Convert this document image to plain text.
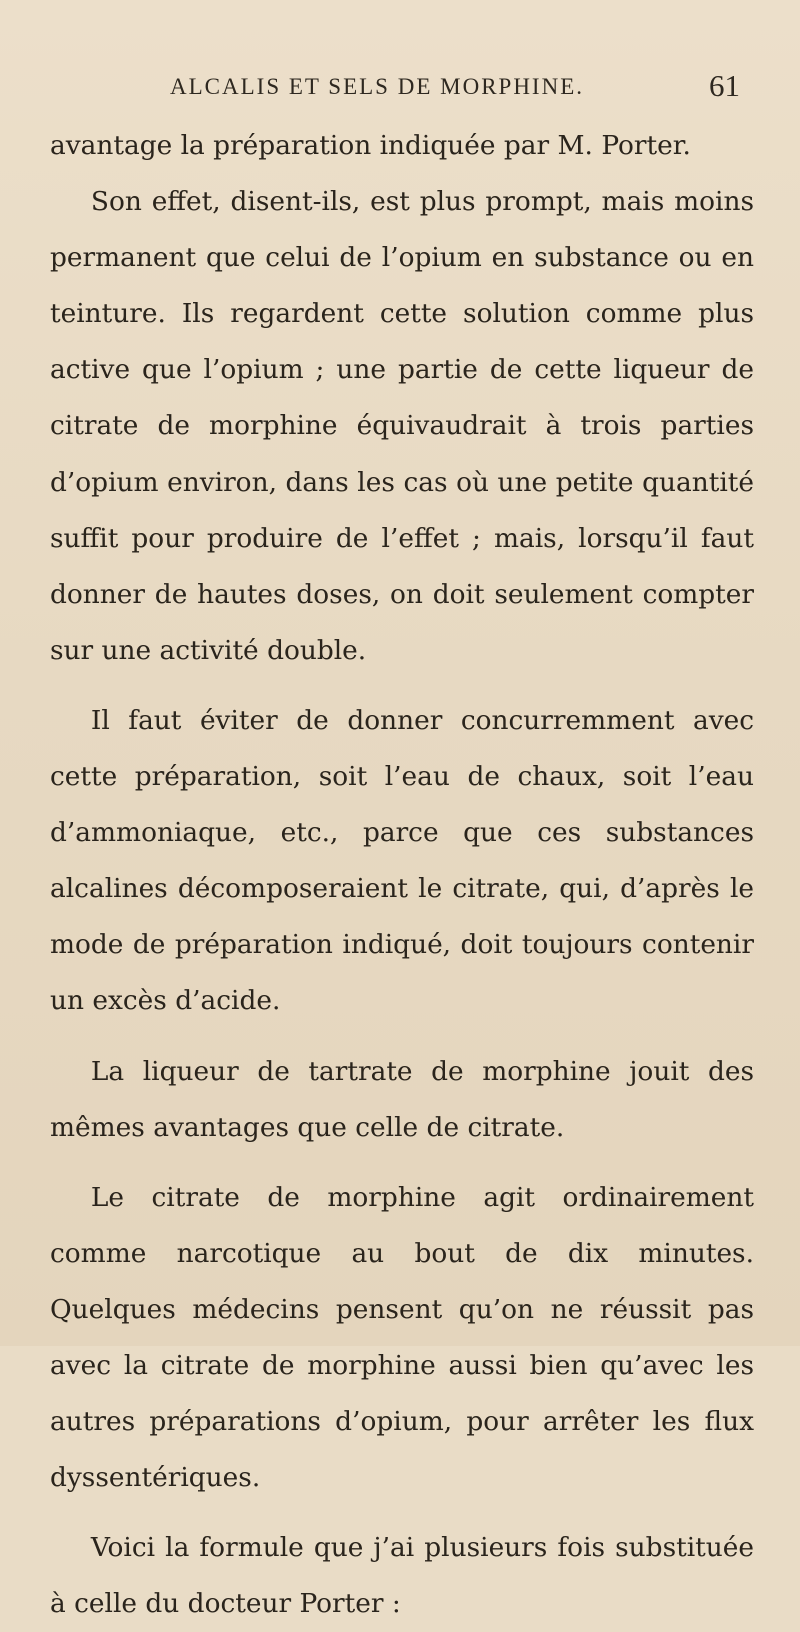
ALCALIS ET SELS DE MORPHINE.	61

avantage la préparation indiquée par M. Porter.

Son effet, disent-ils, est plus prompt, mais moins permanent que celui de l’opium en substance ou en teinture. Ils regardent cette solution comme plus active que l’opium ; une partie de cette liqueur de citrate de morphine équivaudrait à trois parties d’opium environ, dans les cas où une petite quantité suffit pour produire de l’effet ; mais, lorsqu’il faut donner de hautes doses, on doit seulement compter sur une activité double.

Il faut éviter de donner concurremment avec cette préparation, soit l’eau de chaux, soit l’eau d’ammoniaque, etc., parce que ces substances alcalines décomposeraient le citrate, qui, d’après le mode de préparation indiqué, doit toujours contenir un excès d’acide.

La liqueur de tartrate de morphine jouit des mêmes avantages que celle de citrate.

Le citrate de morphine agit ordinairement comme narcotique au bout de dix minutes. Quelques médecins pensent qu’on ne réussit pas avec la citrate de morphine aussi bien qu’avec les autres préparations d’opium, pour arrêter les flux dyssentériques.

Voici la formule que j’ai plusieurs fois substituée à celle du docteur Porter :
